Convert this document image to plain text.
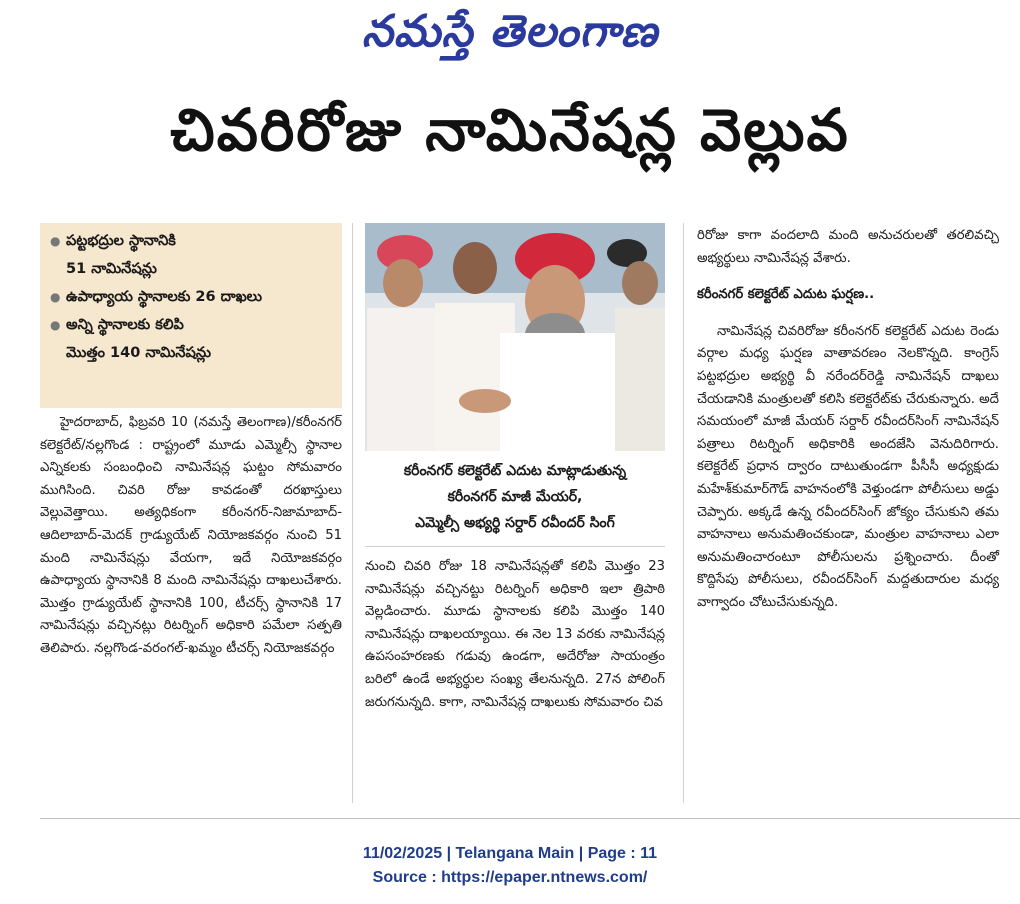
నమస్తే తెలంగాణ
చివరిరోజు నామినేషన్ల వెల్లువ
● పట్టభద్రుల స్థానానికి
51 నామినేషన్లు
● ఉపాధ్యాయ స్థానాలకు 26 దాఖలు
● అన్ని స్థానాలకు కలిపి
మొత్తం 140 నామినేషన్లు

హైదరాబాద్, ఫిబ్రవరి 10 (నమస్తే తెలంగాణ)/కరీంనగర్ కలెక్టరేట్/నల్లగొండ : రాష్ట్రంలో మూడు ఎమ్మెల్సీ స్థానాల ఎన్నికలకు సంబంధించి నామినేషన్ల ఘట్టం సోమవారం ముగిసింది. చివరి రోజు కావడంతో దరఖాస్తులు వెల్లువెత్తాయి. అత్యధికంగా కరీంనగర్-నిజామాబాద్-ఆదిలాబాద్-మెదక్ గ్రాడ్యుయేట్ నియోజకవర్గం నుంచి 51 మంది నామినేషన్లు వేయగా, ఇదే నియోజకవర్గం ఉపాధ్యాయ స్థానానికి 8 మంది నామినేషన్లు దాఖలుచేశారు. మొత్తం గ్రాడ్యుయేట్ స్థానానికి 100, టీచర్స్ స్థానానికి 17 నామినేషన్లు వచ్చినట్లు రిటర్నింగ్ అధికారి పమేలా సత్పతి తెలిపారు. నల్లగొండ-వరంగల్-ఖమ్మం టీచర్స్ నియోజకవర్గం

కరీంనగర్ కలెక్టరేట్ ఎదుట మాట్లాడుతున్న
కరీంనగర్ మాజీ మేయర్,
ఎమ్మెల్సీ అభ్యర్థి సర్దార్ రవీందర్ సింగ్

నుంచి చివరి రోజు 18 నామినేషన్లతో కలిపి మొత్తం 23 నామినేషన్లు వచ్చినట్టు రిటర్నింగ్ అధికారి ఇలా త్రిపాఠి వెల్లడించారు. మూడు స్థానాలకు కలిపి మొత్తం 140 నామినేషన్లు దాఖలయ్యాయి. ఈ నెల 13 వరకు నామినేషన్ల ఉపసంహరణకు గడువు ఉండగా, అదేరోజు సాయంత్రం బరిలో ఉండే అభ్యర్థుల సంఖ్య తేలనున్నది. 27న పోలింగ్ జరుగనున్నది. కాగా, నామినేషన్ల దాఖలుకు సోమవారం చివ

రిరోజు కాగా వందలాది మంది అనుచరులతో తరలివచ్చి అభ్యర్థులు నామినేషన్ల వేశారు.

కరీంనగర్ కలెక్టరేట్ ఎదుట ఘర్షణ..

నామినేషన్ల చివరిరోజు కరీంనగర్ కలెక్టరేట్ ఎదుట రెండు వర్గాల మధ్య ఘర్షణ వాతావరణం నెలకొన్నది. కాంగ్రెస్ పట్టభద్రుల అభ్యర్థి వీ నరేందర్‌రెడ్డి నామినేషన్ దాఖలు చేయడానికి మంత్రులతో కలిసి కలెక్టరేట్‌కు చేరుకున్నారు. అదే సమయంలో మాజీ మేయర్ సర్దార్ రవీందర్‌సింగ్ నామినేషన్ పత్రాలు రిటర్నింగ్ అధికారికి అందజేసి వెనుదిరిగారు. కలెక్టరేట్ ప్రధాన ద్వారం దాటుతుండగా పీసీసీ అధ్యక్షుడు మహేశ్‌కుమార్‌గౌడ్ వాహనంలోకి వెళ్తుండగా పోలీసులు అడ్డు చెప్పారు. అక్కడే ఉన్న రవీందర్‌సింగ్ జోక్యం చేసుకుని తమ వాహనాలు అనుమతించకుండా, మంత్రుల వాహనాలు ఎలా అనుమతించారంటూ పోలీసులను ప్రశ్నించారు. దీంతో కొద్దిసేపు పోలీసులు, రవీందర్‌సింగ్ మద్దతుదారుల మధ్య వాగ్వాదం చోటుచేసుకున్నది.

11/02/2025 | Telangana Main | Page : 11
Source : https://epaper.ntnews.com/
